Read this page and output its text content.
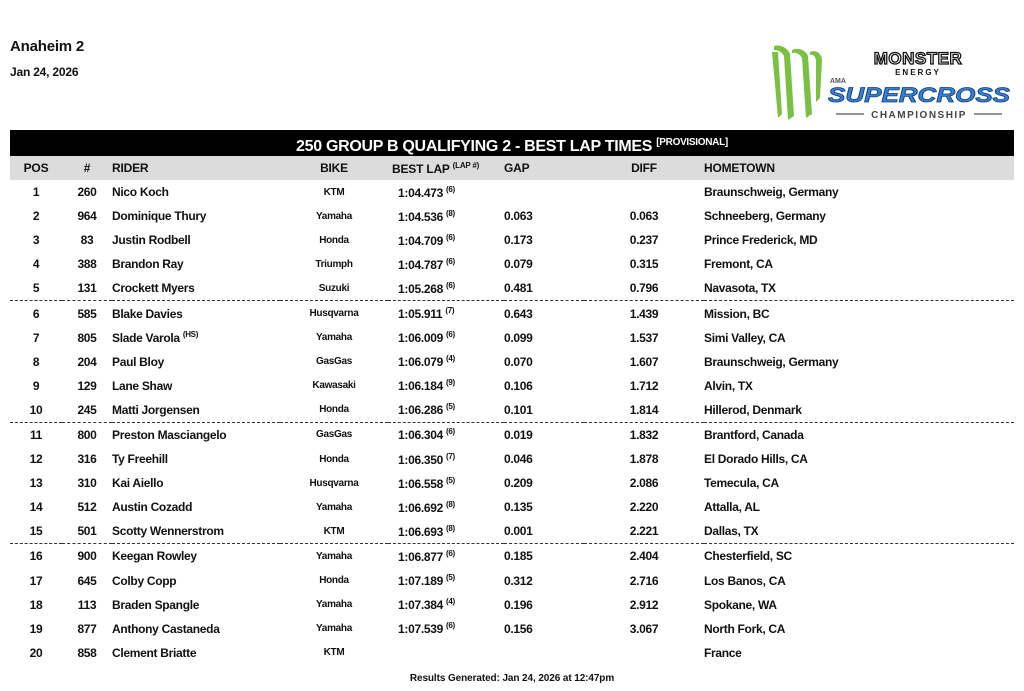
Anaheim 2
Jan 24, 2026
MONSTER
ENERGY
AMA
SUPERCROSS
CHAMPIONSHIP
250 GROUP B QUALIFYING 2 - BEST LAP TIMES [PROVISIONAL]
POS	#	RIDER	BIKE	BEST LAP $^{(LAP \#)}$	GAP	DIFF	HOMETOWN
1	260	Nico Koch	KTM	1:04.473 $^{(6)}$			Braunschweig, Germany
2	964	Dominique Thury	Yamaha	1:04.536 $^{(8)}$	0.063	0.063	Schneeberg, Germany
3	83	Justin Rodbell	Honda	1:04.709 $^{(6)}$	0.173	0.237	Prince Frederick, MD
4	388	Brandon Ray	Triumph	1:04.787 $^{(6)}$	0.079	0.315	Fremont, CA
5	131	Crockett Myers	Suzuki	1:05.268 $^{(6)}$	0.481	0.796	Navasota, TX
6	585	Blake Davies	Husqvarna	1:05.911 $^{(7)}$	0.643	1.439	Mission, BC
7	805	Slade Varola $^{(HS)}$	Yamaha	1:06.009 $^{(6)}$	0.099	1.537	Simi Valley, CA
8	204	Paul Bloy	GasGas	1:06.079 $^{(4)}$	0.070	1.607	Braunschweig, Germany
9	129	Lane Shaw	Kawasaki	1:06.184 $^{(9)}$	0.106	1.712	Alvin, TX
10	245	Matti Jorgensen	Honda	1:06.286 $^{(5)}$	0.101	1.814	Hillerod, Denmark
11	800	Preston Masciangelo	GasGas	1:06.304 $^{(6)}$	0.019	1.832	Brantford, Canada
12	316	Ty Freehill	Honda	1:06.350 $^{(7)}$	0.046	1.878	El Dorado Hills, CA
13	310	Kai Aiello	Husqvarna	1:06.558 $^{(5)}$	0.209	2.086	Temecula, CA
14	512	Austin Cozadd	Yamaha	1:06.692 $^{(8)}$	0.135	2.220	Attalla, AL
15	501	Scotty Wennerstrom	KTM	1:06.693 $^{(8)}$	0.001	2.221	Dallas, TX
16	900	Keegan Rowley	Yamaha	1:06.877 $^{(6)}$	0.185	2.404	Chesterfield, SC
17	645	Colby Copp	Honda	1:07.189 $^{(5)}$	0.312	2.716	Los Banos, CA
18	113	Braden Spangle	Yamaha	1:07.384 $^{(4)}$	0.196	2.912	Spokane, WA
19	877	Anthony Castaneda	Yamaha	1:07.539 $^{(6)}$	0.156	3.067	North Fork, CA
20	858	Clement Briatte	KTM				France
Results Generated: Jan 24, 2026 at 12:47pm
